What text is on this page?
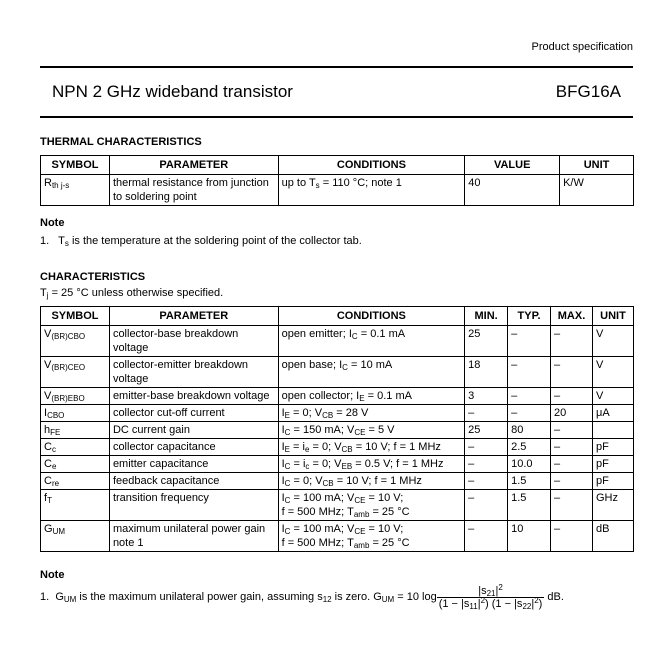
Product specification
NPN 2 GHz wideband transistor	BFG16A
THERMAL CHARACTERISTICS
SYMBOL	PARAMETER	CONDITIONS	VALUE	UNIT
$R_{th j-s}$	thermal resistance from junction to soldering point	up to $T_s = 110$ °C; note 1	40	K/W
Note
1. $T_s$ is the temperature at the soldering point of the collector tab.
CHARACTERISTICS
$T_j = 25$ °C unless otherwise specified.
SYMBOL	PARAMETER	CONDITIONS	MIN.	TYP.	MAX.	UNIT
$V_{(BR)CBO}$	collector-base breakdown voltage	open emitter; $I_C = 0.1$ mA	25	–	–	V
$V_{(BR)CEO}$	collector-emitter breakdown voltage	open base; $I_C = 10$ mA	18	–	–	V
$V_{(BR)EBO}$	emitter-base breakdown voltage	open collector; $I_E = 0.1$ mA	3	–	–	V
$I_{CBO}$	collector cut-off current	$I_E = 0$; $V_{CB} = 28$ V	–	–	20	μA
$h_{FE}$	DC current gain	$I_C = 150$ mA; $V_{CE} = 5$ V	25	80	–	
$C_c$	collector capacitance	$I_E = i_e = 0$; $V_{CB} = 10$ V; f = 1 MHz	–	2.5	–	pF
$C_e$	emitter capacitance	$I_C = i_c = 0$; $V_{EB} = 0.5$ V; f = 1 MHz	–	10.0	–	pF
$C_{re}$	feedback capacitance	$I_C = 0$; $V_{CB} = 10$ V; f = 1 MHz	–	1.5	–	pF
$f_T$	transition frequency	$I_C = 100$ mA; $V_{CE} = 10$ V;
f = 500 MHz; $T_{amb} = 25$ °C	–	1.5	–	GHz
$G_{UM}$	maximum unilateral power gain note 1	$I_C = 100$ mA; $V_{CE} = 10$ V;
f = 500 MHz; $T_{amb} = 25$ °C	–	10	–	dB
Note
1.
$G_{UM}$ is the maximum unilateral power gain, assuming $s_{12}$ is zero. $G_{UM} = 10$ $\log \frac{|s_{21}|^2}{(1 - |s_{11}|^2) (1 - |s_{22}|^2)}$
dB.
